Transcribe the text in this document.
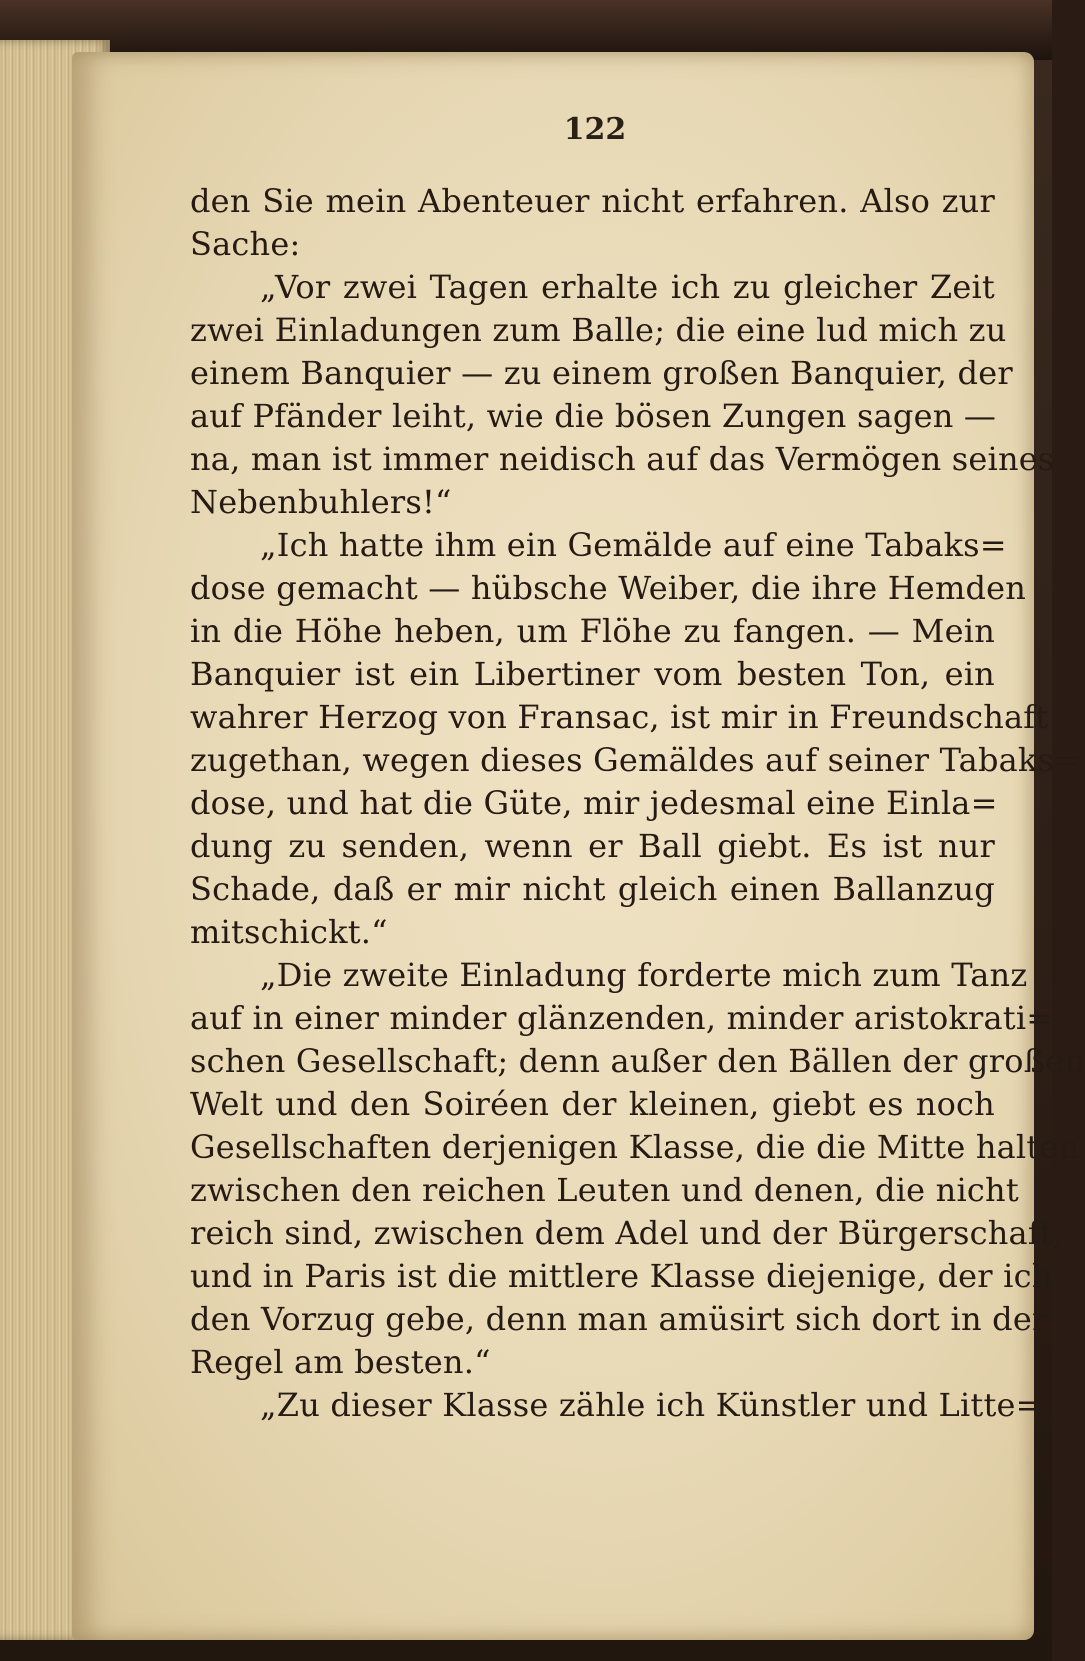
122
den Sie mein Abenteuer nicht erfahren. Also zur
Sache:
„Vor zwei Tagen erhalte ich zu gleicher Zeit
zwei Einladungen zum Balle; die eine lud mich zu
einem Banquier — zu einem großen Banquier, der
auf Pfänder leiht, wie die bösen Zungen sagen —
na, man ist immer neidisch auf das Vermögen seines
Nebenbuhlers!“
„Ich hatte ihm ein Gemälde auf eine Tabaks=
dose gemacht — hübsche Weiber, die ihre Hemden
in die Höhe heben, um Flöhe zu fangen. — Mein
Banquier ist ein Libertiner vom besten Ton, ein
wahrer Herzog von Fransac, ist mir in Freundschaft
zugethan, wegen dieses Gemäldes auf seiner Tabaks=
dose, und hat die Güte, mir jedesmal eine Einla=
dung zu senden, wenn er Ball giebt. Es ist nur
Schade, daß er mir nicht gleich einen Ballanzug
mitschickt.“
„Die zweite Einladung forderte mich zum Tanz
auf in einer minder glänzenden, minder aristokrati=
schen Gesellschaft; denn außer den Bällen der großen
Welt und den Soiréen der kleinen, giebt es noch
Gesellschaften derjenigen Klasse, die die Mitte halten
zwischen den reichen Leuten und denen, die nicht
reich sind, zwischen dem Adel und der Bürgerschaft,
und in Paris ist die mittlere Klasse diejenige, der ich
den Vorzug gebe, denn man amüsirt sich dort in der
Regel am besten.“
„Zu dieser Klasse zähle ich Künstler und Litte=
